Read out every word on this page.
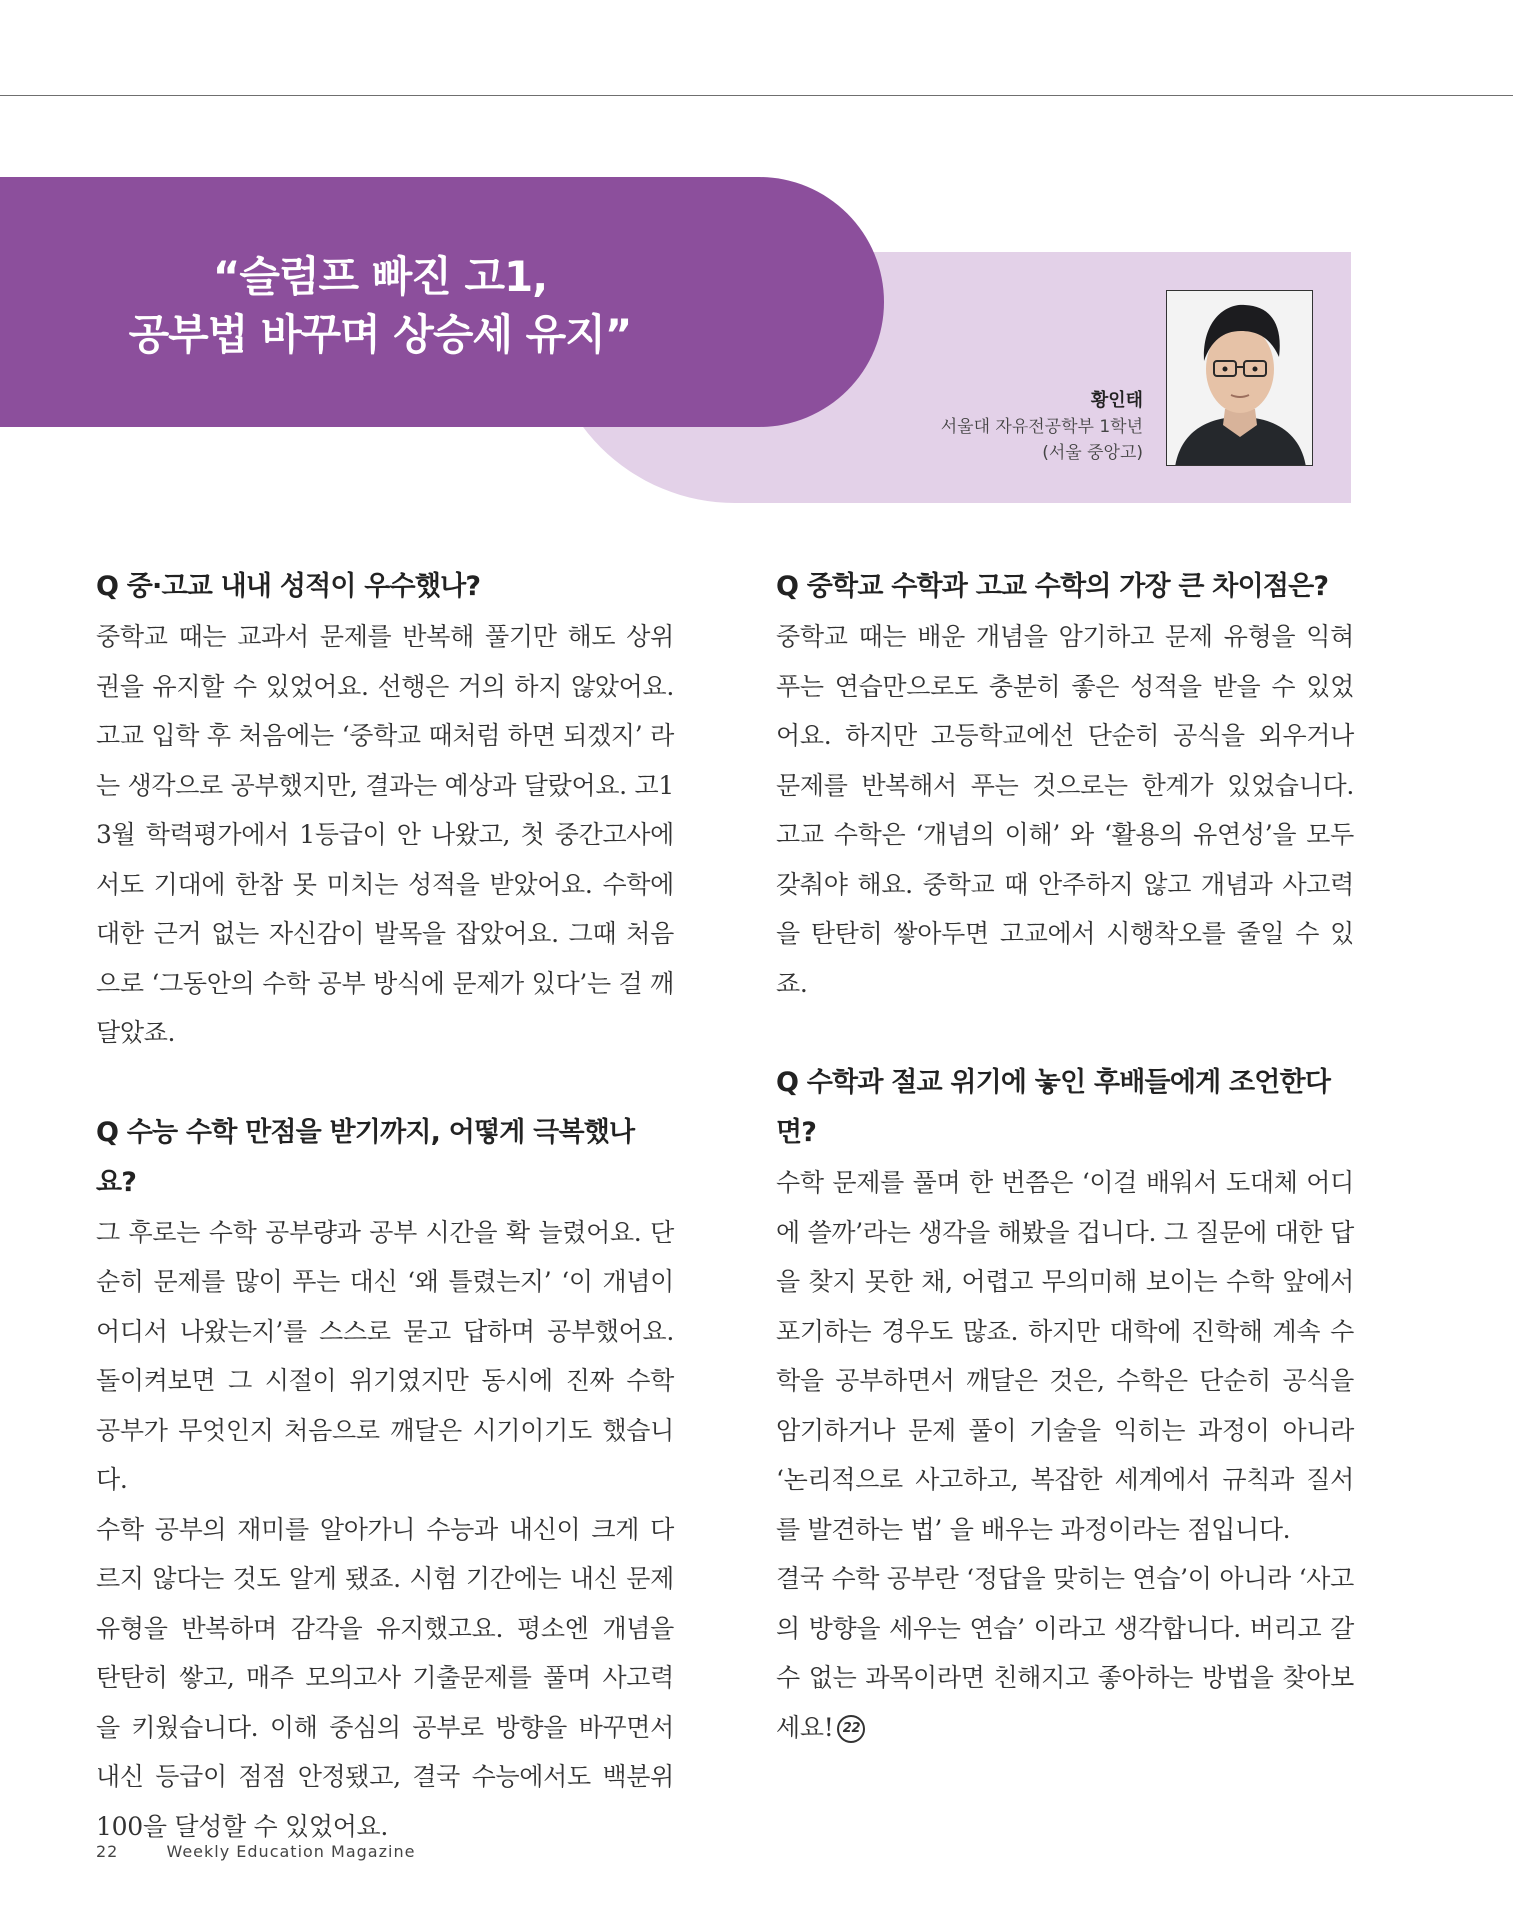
“슬럼프 빠진 고1,
공부법 바꾸며 상승세 유지”
황인태
서울대 자유전공학부 1학년
(서울 중앙고)

Q 중·고교 내내 성적이 우수했나?

중학교 때는 교과서 문제를 반복해 풀기만 해도 상위권을 유지할 수 있었어요. 선행은 거의 하지 않았어요. 고교 입학 후 처음에는 ‘중학교 때처럼 하면 되겠지’ 라는 생각으로 공부했지만, 결과는 예상과 달랐어요. 고1 3월 학력평가에서 1등급이 안 나왔고, 첫 중간고사에서도 기대에 한참 못 미치는 성적을 받았어요. 수학에 대한 근거 없는 자신감이 발목을 잡았어요. 그때 처음으로 ‘그동안의 수학 공부 방식에 문제가 있다’는 걸 깨달았죠.

Q 수능 수학 만점을 받기까지, 어떻게 극복했나요?

그 후로는 수학 공부량과 공부 시간을 확 늘렸어요. 단순히 문제를 많이 푸는 대신 ‘왜 틀렸는지’ ‘이 개념이 어디서 나왔는지’를 스스로 묻고 답하며 공부했어요. 돌이켜보면 그 시절이 위기였지만 동시에 진짜 수학 공부가 무엇인지 처음으로 깨달은 시기이기도 했습니다.

수학 공부의 재미를 알아가니 수능과 내신이 크게 다르지 않다는 것도 알게 됐죠. 시험 기간에는 내신 문제 유형을 반복하며 감각을 유지했고요. 평소엔 개념을 탄탄히 쌓고, 매주 모의고사 기출문제를 풀며 사고력을 키웠습니다. 이해 중심의 공부로 방향을 바꾸면서 내신 등급이 점점 안정됐고, 결국 수능에서도 백분위 100을 달성할 수 있었어요.

Q 중학교 수학과 고교 수학의 가장 큰 차이점은?

중학교 때는 배운 개념을 암기하고 문제 유형을 익혀 푸는 연습만으로도 충분히 좋은 성적을 받을 수 있었어요. 하지만 고등학교에선 단순히 공식을 외우거나 문제를 반복해서 푸는 것으로는 한계가 있었습니다. 고교 수학은 ‘개념의 이해’ 와 ‘활용의 유연성’을 모두 갖춰야 해요. 중학교 때 안주하지 않고 개념과 사고력을 탄탄히 쌓아두면 고교에서 시행착오를 줄일 수 있죠.

Q 수학과 절교 위기에 놓인 후배들에게 조언한다면?

수학 문제를 풀며 한 번쯤은 ‘이걸 배워서 도대체 어디에 쓸까’라는 생각을 해봤을 겁니다. 그 질문에 대한 답을 찾지 못한 채, 어렵고 무의미해 보이는 수학 앞에서 포기하는 경우도 많죠. 하지만 대학에 진학해 계속 수학을 공부하면서 깨달은 것은, 수학은 단순히 공식을 암기하거나 문제 풀이 기술을 익히는 과정이 아니라 ‘논리적으로 사고하고, 복잡한 세계에서 규칙과 질서를 발견하는 법’ 을 배우는 과정이라는 점입니다.

결국 수학 공부란 ‘정답을 맞히는 연습’이 아니라 ‘사고의 방향을 세우는 연습’ 이라고 생각합니다. 버리고 갈 수 없는 과목이라면 친해지고 좋아하는 방법을 찾아보세요! 22

22	Weekly Education Magazine
